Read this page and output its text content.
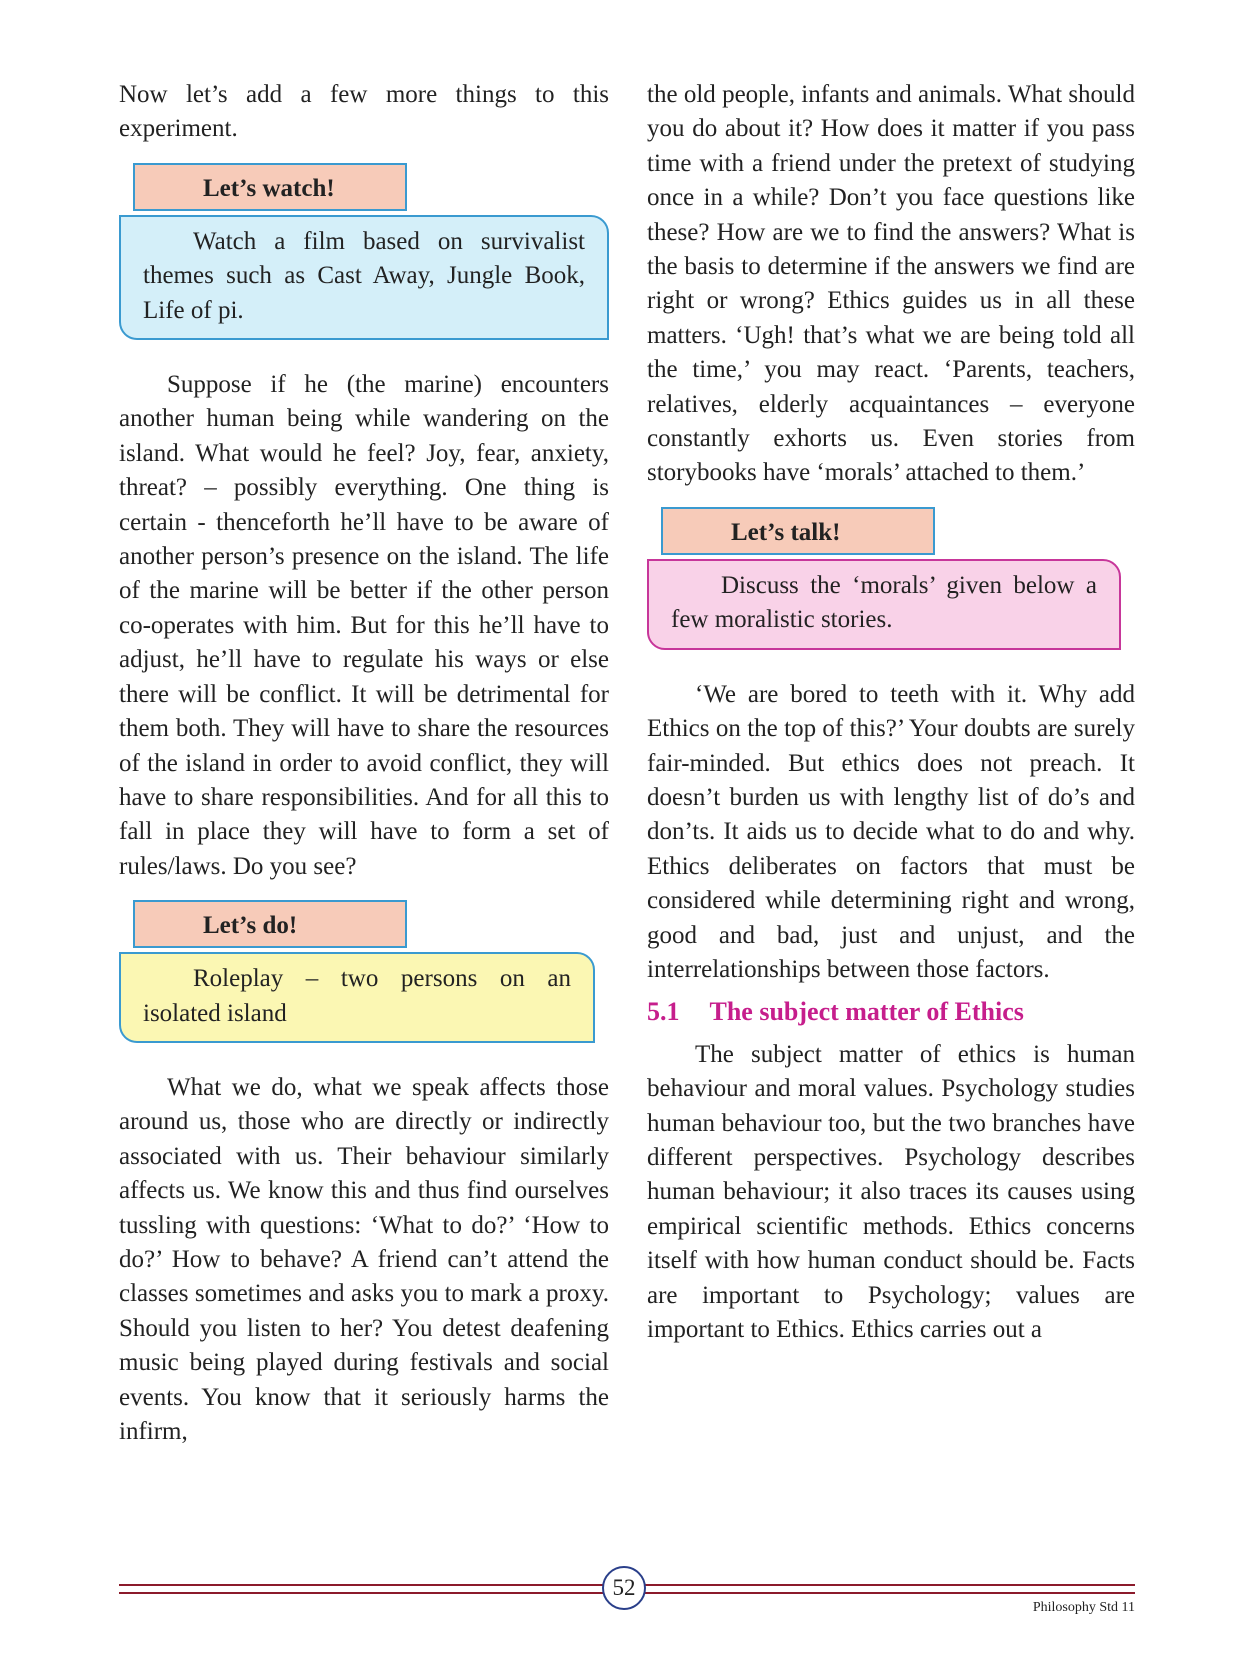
Now let’s add a few more things to this experiment.

Let’s watch!

Watch a film based on survivalist themes such as Cast Away, Jungle Book, Life of pi.

Suppose if he (the marine) encounters another human being while wandering on the island. What would he feel? Joy, fear, anxiety, threat? – possibly everything. One thing is certain - thenceforth he’ll have to be aware of another person’s presence on the island. The life of the marine will be better if the other person co-operates with him. But for this he’ll have to adjust, he’ll have to regulate his ways or else there will be conflict. It will be detrimental for them both. They will have to share the resources of the island in order to avoid conflict, they will have to share responsibilities. And for all this to fall in place they will have to form a set of rules/laws. Do you see?

Let’s do!

Roleplay – two persons on an isolated island

What we do, what we speak affects those around us, those who are directly or indirectly associated with us. Their behaviour similarly affects us. We know this and thus find ourselves tussling with questions: ‘What to do?’ ‘How to do?’ How to behave? A friend can’t attend the classes sometimes and asks you to mark a proxy. Should you listen to her? You detest deafening music being played during festivals and social events. You know that it seriously harms the infirm,

the old people, infants and animals. What should you do about it? How does it matter if you pass time with a friend under the pretext of studying once in a while? Don’t you face questions like these? How are we to find the answers? What is the basis to determine if the answers we find are right or wrong? Ethics guides us in all these matters. ‘Ugh! that’s what we are being told all the time,’ you may react. ‘Parents, teachers, relatives, elderly acquaintances – everyone constantly exhorts us. Even stories from storybooks have ‘morals’ attached to them.’

Let’s talk!

Discuss the ‘morals’ given below a few moralistic stories.

‘We are bored to teeth with it. Why add Ethics on the top of this?’ Your doubts are surely fair-minded. But ethics does not preach. It doesn’t burden us with lengthy list of do’s and don’ts. It aids us to decide what to do and why. Ethics deliberates on factors that must be considered while determining right and wrong, good and bad, just and unjust, and the interrelationships between those factors.

5.1 The subject matter of Ethics

The subject matter of ethics is human behaviour and moral values. Psychology studies human behaviour too, but the two branches have different perspectives. Psychology describes human behaviour; it also traces its causes using empirical scientific methods. Ethics concerns itself with how human conduct should be. Facts are important to Psychology; values are important to Ethics. Ethics carries out a

52
Philosophy Std 11
